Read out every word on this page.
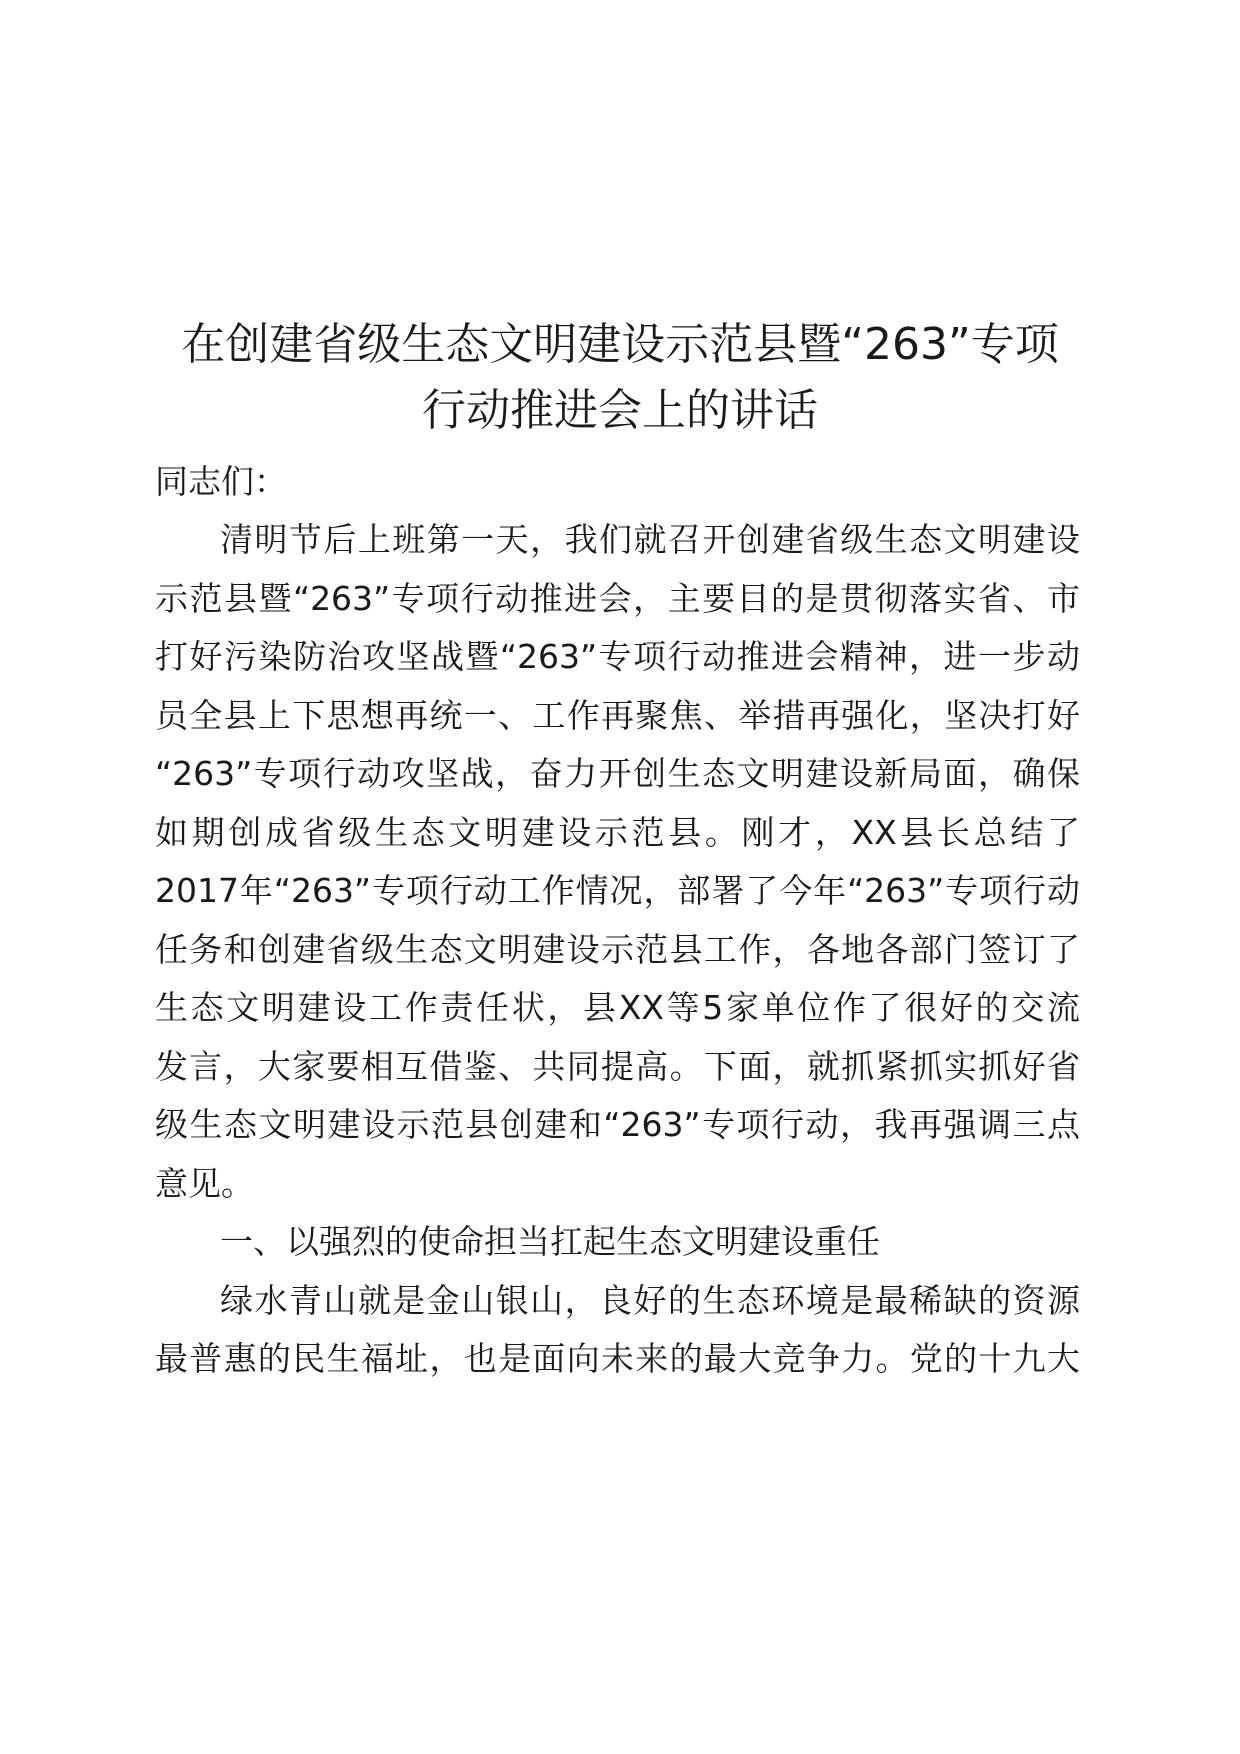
在创建省级生态文明建设示范县暨“263”专项
行动推进会上的讲话
同志们：
清明节后上班第一天，我们就召开创建省级生态文明建设
示范县暨“263”专项行动推进会，主要目的是贯彻落实省、市
打好污染防治攻坚战暨“263”专项行动推进会精神，进一步动
员全县上下思想再统一、工作再聚焦、举措再强化，坚决打好
“263”专项行动攻坚战，奋力开创生态文明建设新局面，确保
如期创成省级生态文明建设示范县。刚才，XX县长总结了
2017年“263”专项行动工作情况，部署了今年“263”专项行动
任务和创建省级生态文明建设示范县工作，各地各部门签订了
生态文明建设工作责任状，县XX等5家单位作了很好的交流
发言，大家要相互借鉴、共同提高。下面，就抓紧抓实抓好省
级生态文明建设示范县创建和“263”专项行动，我再强调三点
意见。
一、以强烈的使命担当扛起生态文明建设重任
绿水青山就是金山银山，良好的生态环境是最稀缺的资源
最普惠的民生福址，也是面向未来的最大竞争力。党的十九大
